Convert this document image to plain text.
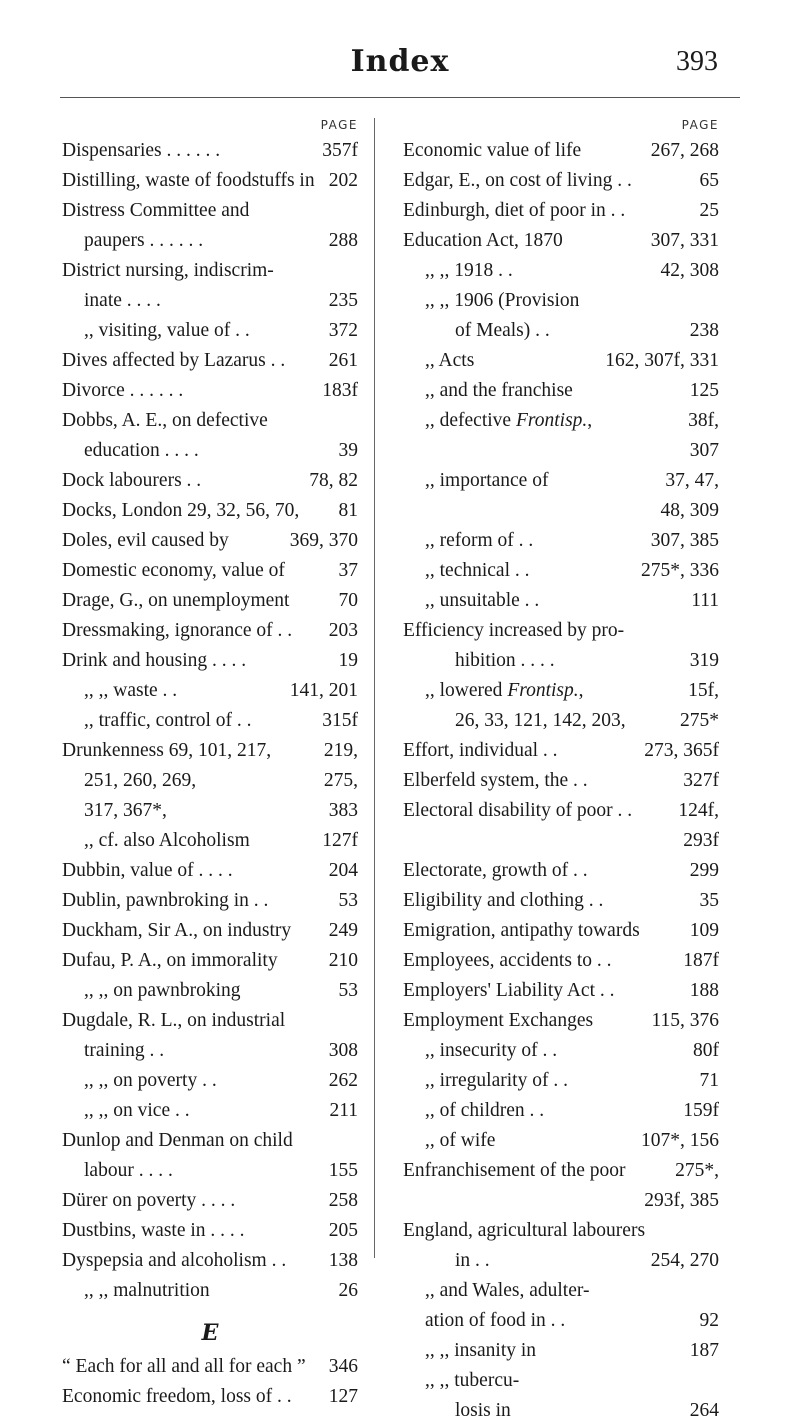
Index	393
PAGE
Dispensaries . . . . . .	357f
Distilling, waste of foodstuffs in 202
Distress Committee and
paupers . . . . . .	288
District nursing, indiscrim-
inate . . . .	235
,, visiting, value of . .	372
Dives affected by Lazarus . . 261
Divorce . . . . . .	183f
Dobbs, A. E., on defective
education . . . .	39
Dock labourers . .	78, 82
Docks, London 29, 32, 56, 70, 81
Doles, evil caused by	369, 370
Domestic economy, value of	37
Drage, G., on unemployment	70
Dressmaking, ignorance of . . 203
Drink and housing . . . .	19
,, ,, waste . .	141, 201
,, traffic, control of . .	315f
Drunkenness 69, 101, 217,	219,
251, 260, 269,	275,
317, 367*,	383
,, cf. also Alcoholism	127f
Dubbin, value of . . . .	204
Dublin, pawnbroking in . .	53
Duckham, Sir A., on industry 249
Dufau, P. A., on immorality	210
,, ,, on pawnbroking	53
Dugdale, R. L., on industrial
training . .	308
,, ,, on poverty . .	262
,, ,, on vice . .	211
Dunlop and Denman on child
labour . . . .	155
Dürer on poverty . . . .	258
Dustbins, waste in . . . .	205
Dyspepsia and alcoholism . . 138
,, ,, malnutrition	26
E
“ Each for all and all for each ” 346
Economic freedom, loss of . . 127
PAGE
Economic value of life	267, 268
Edgar, E., on cost of living . .	65
Edinburgh, diet of poor in . .	25
Education Act, 1870	307, 331
,, ,, 1918 . .	42, 308
,, ,, 1906 (Provision
of Meals) . .	238
,, Acts	162, 307f, 331
,, and the franchise	125
,, defective Frontisp.,	38f,
307
,, importance of	37, 47,
48, 309
,, reform of . .	307, 385
,, technical . .	275*, 336
,, unsuitable . .	111
Efficiency increased by pro-
hibition . . . .	319
,, lowered Frontisp.,	15f,
26, 33, 121, 142, 203,	275*
Effort, individual . .	273, 365f
Elberfeld system, the . .	327f
Electoral disability of poor . . 124f,
293f
Electorate, growth of . .	299
Eligibility and clothing . .	35
Emigration, antipathy towards	109
Employees, accidents to . .	187f
Employers' Liability Act . .	188
Employment Exchanges	115, 376
,, insecurity of . .	80f
,, irregularity of . .	71
,, of children . .	159f
,, of wife	107*, 156
Enfranchisement of the poor	275*,
293f, 385
England, agricultural labourers
in . .	254, 270
,, and Wales, adulter-
ation of food in . .	92
,, ,, insanity in	187
,, ,, tubercu-
losis in	264
